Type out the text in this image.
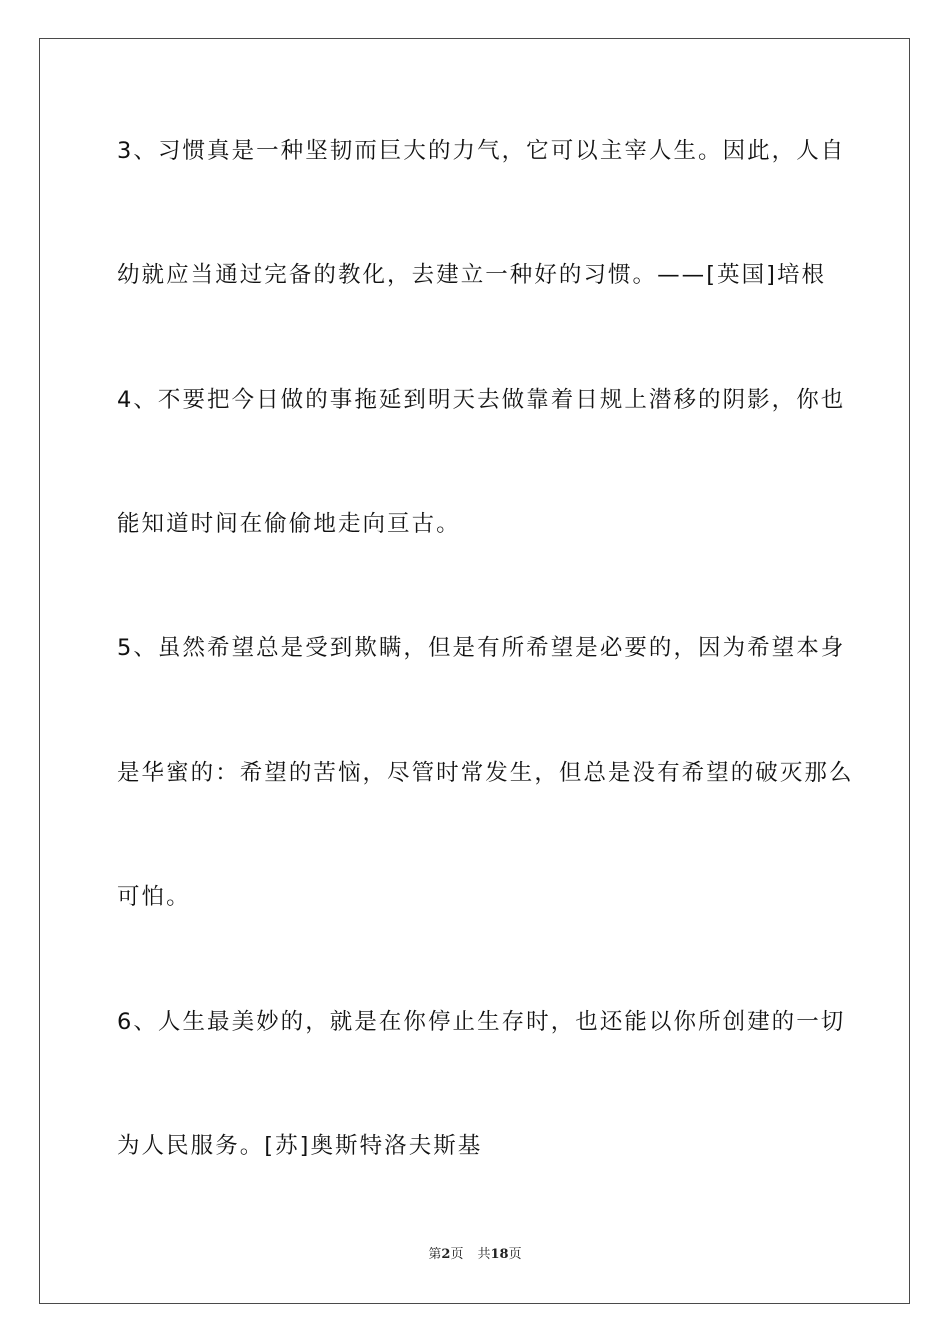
3、习惯真是一种坚韧而巨大的力气，它可以主宰人生。因此，人自
幼就应当通过完备的教化，去建立一种好的习惯。——[英国]培根
4、不要把今日做的事拖延到明天去做靠着日规上潜移的阴影，你也
能知道时间在偷偷地走向亘古。
5、虽然希望总是受到欺瞒，但是有所希望是必要的，因为希望本身
是华蜜的：希望的苦恼，尽管时常发生，但总是没有希望的破灭那么
可怕。
6、人生最美妙的，就是在你停止生存时，也还能以你所创建的一切
为人民服务。[苏]奥斯特洛夫斯基
第2页 共18页
